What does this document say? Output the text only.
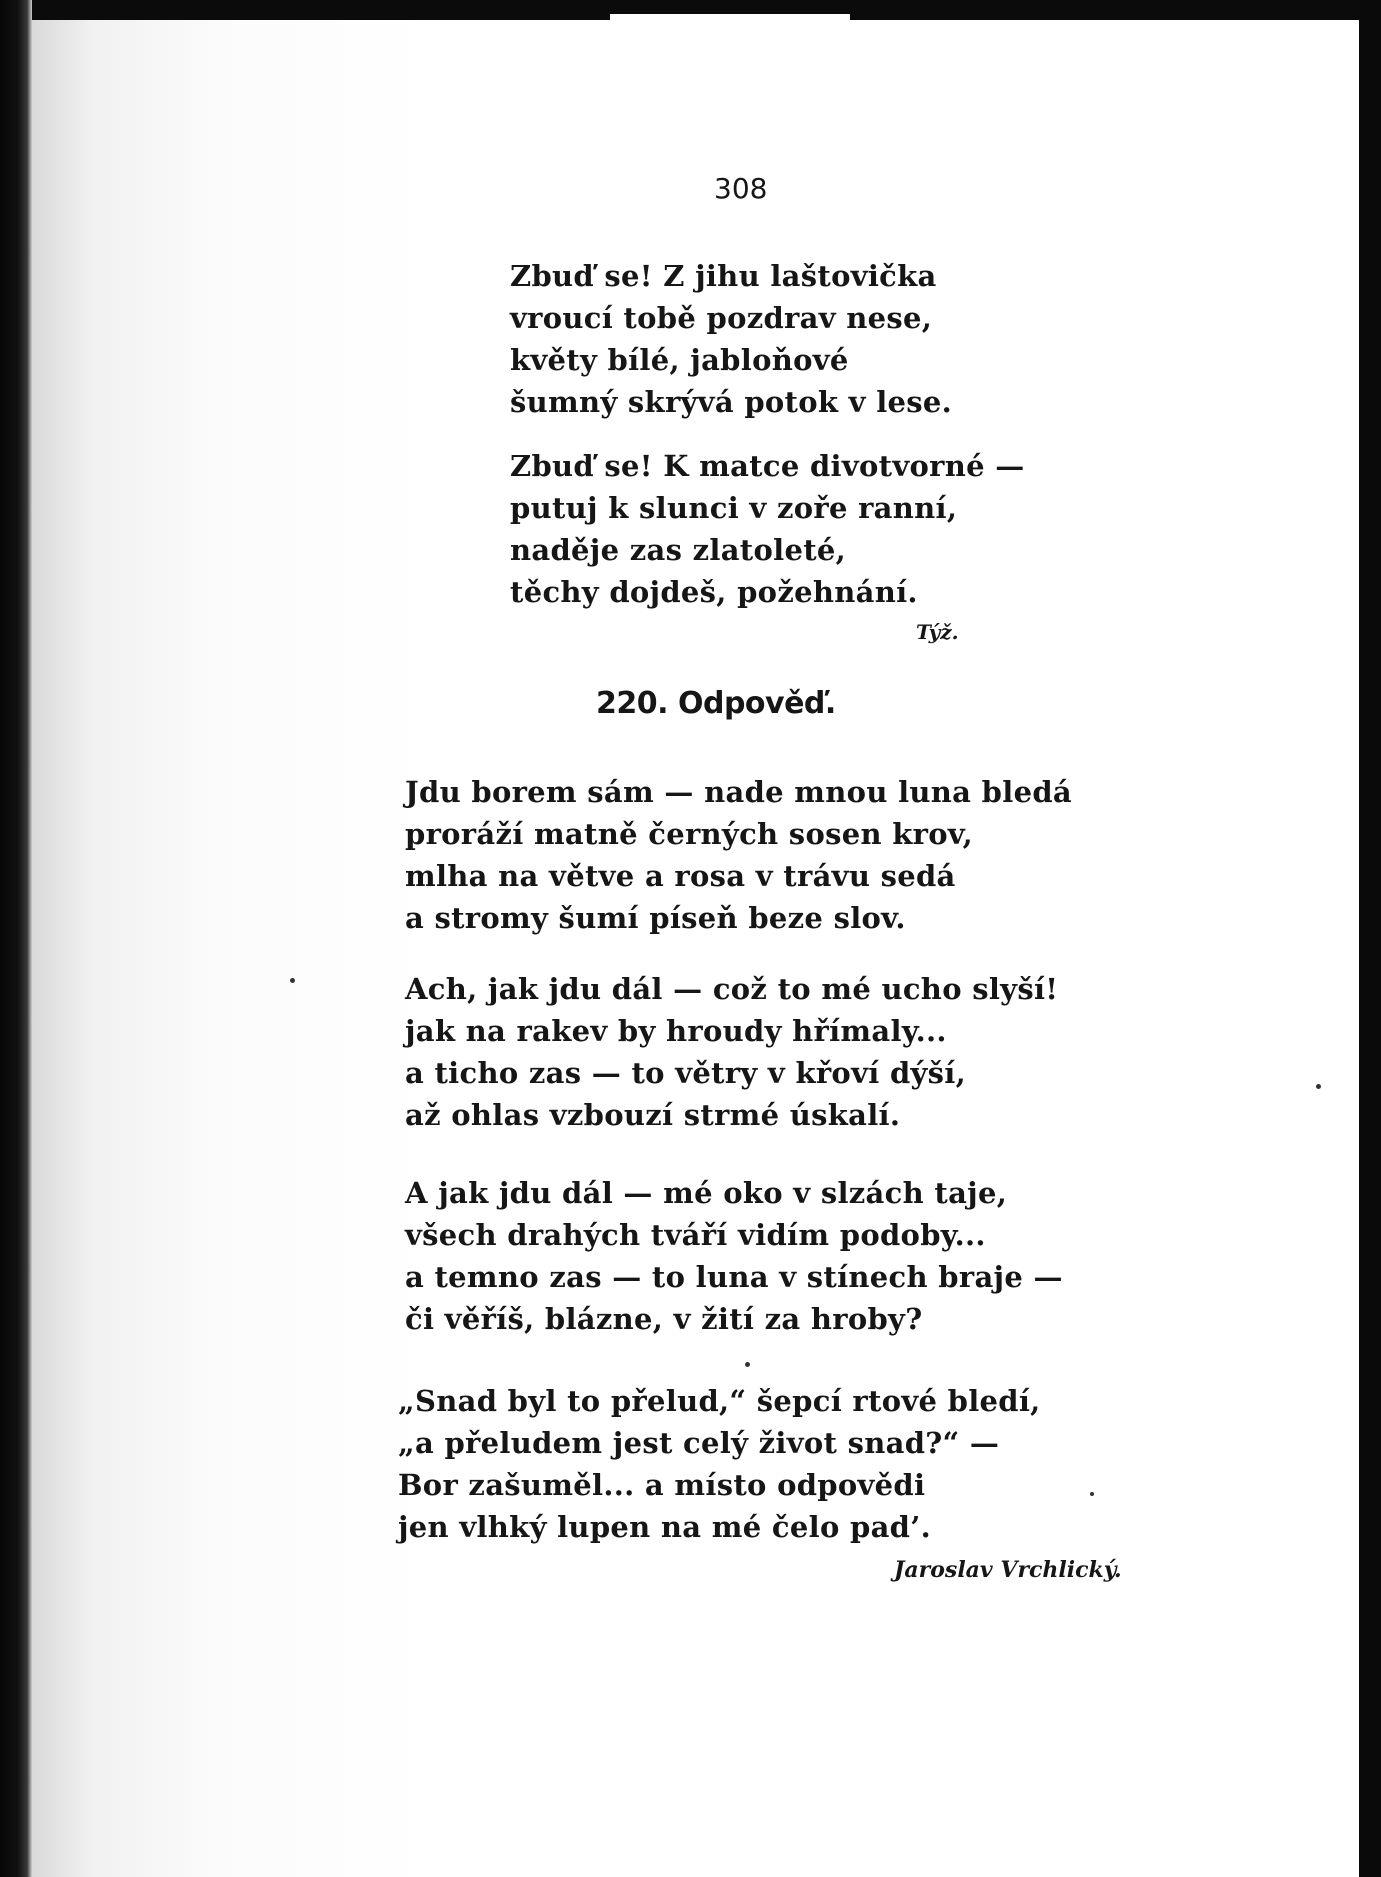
308
Zbuď se! Z jihu laštovička
vroucí tobě pozdrav nese,
květy bílé, jabloňové
šumný skrývá potok v lese.
Zbuď se! K matce divotvorné —
putuj k slunci v zoře ranní,
naděje zas zlatoleté,
těchy dojdeš, požehnání.
Týž.
220. Odpověď.
Jdu borem sám — nade mnou luna bledá
proráží matně černých sosen krov,
mlha na větve a rosa v trávu sedá
a stromy šumí píseň beze slov.
Ach, jak jdu dál — což to mé ucho slyší!
jak na rakev by hroudy hřímaly...
a ticho zas — to větry v křoví dýší,
až ohlas vzbouzí strmé úskalí.
A jak jdu dál — mé oko v slzách taje,
všech drahých tváří vidím podoby...
a temno zas — to luna v stínech braje —
či věříš, blázne, v žití za hroby?
„Snad byl to přelud,“ šepcí rtové bledí,
„a přeludem jest celý život snad?“ —
Bor zašuměl... a místo odpovědi
jen vlhký lupen na mé čelo pad’.
Jaroslav Vrchlický.
